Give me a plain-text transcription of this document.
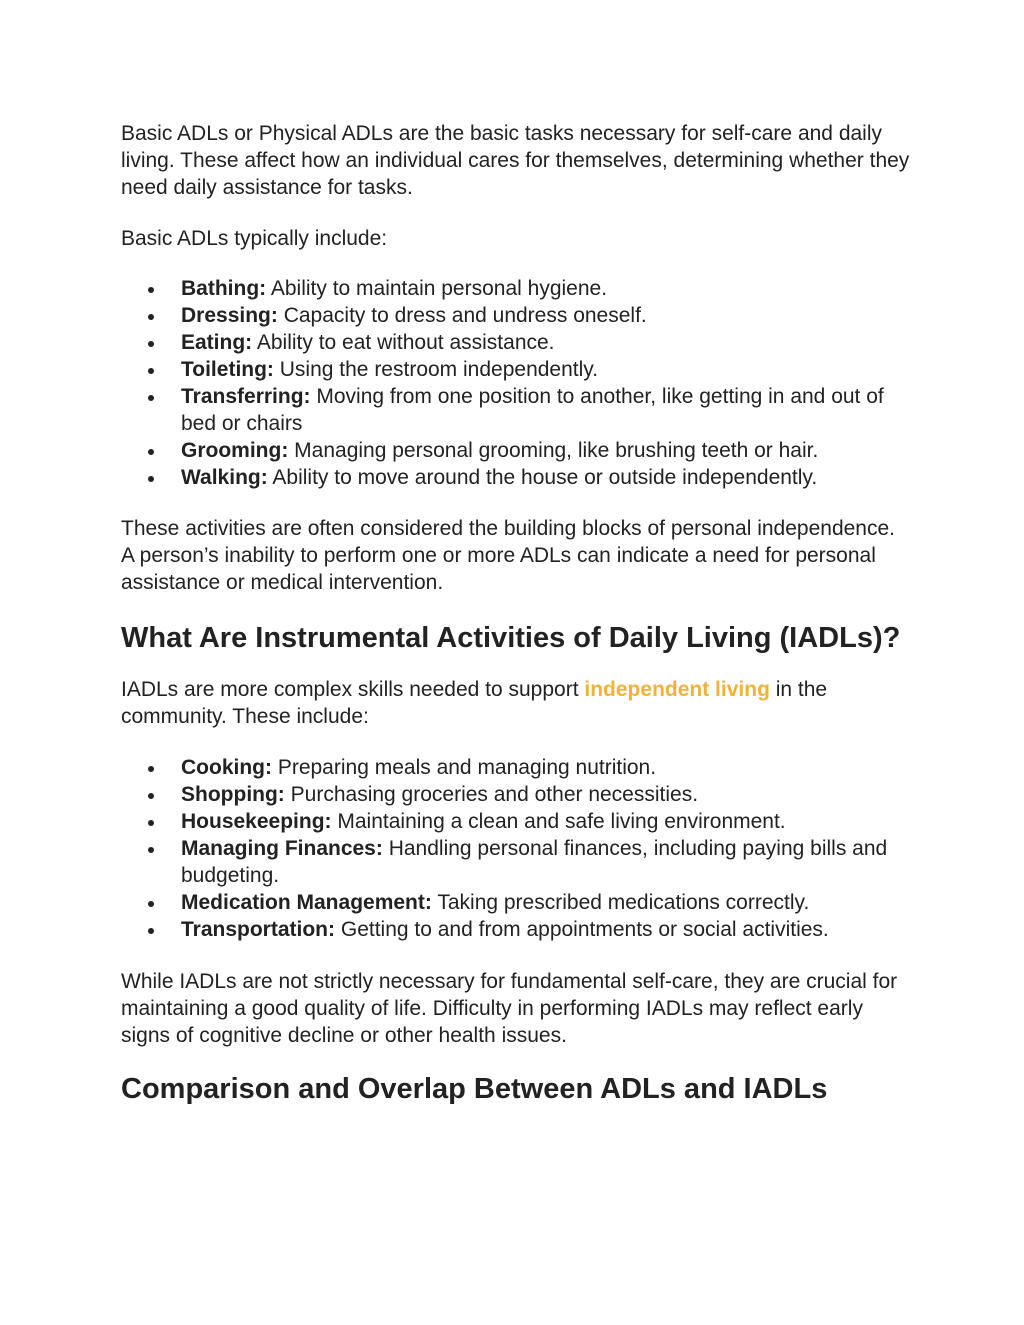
Basic ADLs or Physical ADLs are the basic tasks necessary for self-care and daily living. These affect how an individual cares for themselves, determining whether they need daily assistance for tasks.

Basic ADLs typically include:

Bathing: Ability to maintain personal hygiene.
Dressing: Capacity to dress and undress oneself.
Eating: Ability to eat without assistance.
Toileting: Using the restroom independently.
Transferring: Moving from one position to another, like getting in and out of bed or chairs
Grooming: Managing personal grooming, like brushing teeth or hair.
Walking: Ability to move around the house or outside independently.

These activities are often considered the building blocks of personal independence. A person’s inability to perform one or more ADLs can indicate a need for personal assistance or medical intervention.

What Are Instrumental Activities of Daily Living (IADLs)?

IADLs are more complex skills needed to support independent living in the community. These include:

Cooking: Preparing meals and managing nutrition.
Shopping: Purchasing groceries and other necessities.
Housekeeping: Maintaining a clean and safe living environment.
Managing Finances: Handling personal finances, including paying bills and budgeting.
Medication Management: Taking prescribed medications correctly.
Transportation: Getting to and from appointments or social activities.

While IADLs are not strictly necessary for fundamental self-care, they are crucial for maintaining a good quality of life. Difficulty in performing IADLs may reflect early signs of cognitive decline or other health issues.

Comparison and Overlap Between ADLs and IADLs
